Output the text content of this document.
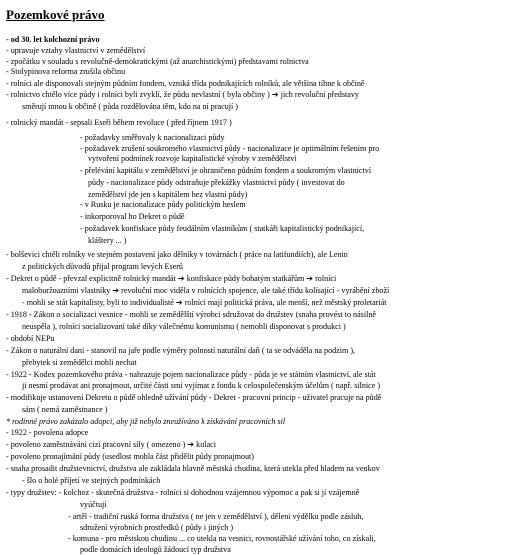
Pozemkové právo
- od 30. let kolchozní právo
- upravuje vztahy vlastnictví v zemědělství
- zpočátku v souladu s revolučně-demokratickými (až anarchistickými) představami rolnictva
- Stolypinova reforma zrušila občinu
- rolníci ale disponovali stejným půdním fondem, vzniká třída podnikajících rolníků, ale většina tíhne k občině
- rolnictvo chtělo více půdy i rolníci byli zvyklí, že půdu nevlastní ( byla občiny ) ➔ jich revoluční představy
směrují mnou k občině ( půda rozdělována těm, kdo na ní pracují )
- rolnický mandát - sepsali Eseři během revoluce ( před říjnem 1917 )
- požadavky směřovaly k nacionalizaci půdy
- požadavek zrušení soukromého vlastnictví půdy - nacionalizace je optimálním řešením pro
vytvoření podmínek rozvoje kapitalistické výroby v zemědělství
- přelévání kapitálu v zemědělství je ohraničeno půdním fondem a soukromým vlastnictví
půdy - nacionalizace půdy odstraňuje překážky vlastnictví půdy ( investovat do
zemědělství jde jen s kapitálem bez vlastní půdy)
- v Rusku je nacionalizace půdy politickým heslem
- inkorporoval ho Dekret o půdě
- požadavek konfiskace půdy feudálním vlastníkům ( statkáři kapitalistický podnikající,
kláštery ... )
- bolševici chtěli rolníky ve stejném postavení jako dělníky v továrnách ( práce na latifundiích), ale Lenin
z politických důvodů přijal program levých Eserů
- Dekret o půdě - převzal explicitně rolnický mandát ➔ konfiskace půdy bohatým statkářům ➔ rolníci
maloburžoazními vlastníky ➔ revoluční moc viděla v rolnících spojence, ale také třídu kolísající - vyrábění zboží
- mohli se stát kapitalisty, byli to individualisté ➔ rolníci mají politická práva, ale menší, než městský proletariát
- 1918 - Zákon o socializaci vesnice - mohli se zemědělští výrobci sdružovat do družstev (snaha provést to násilně
neuspěla ), rolníci socializovaní také díky válečnému komunismu ( nemohli disponovat s produkci )
- období NEPu
- Zákon o naturální dani - stanovil na jaře podle výměry polností naturální daň ( ta se odváděla na podzim ),
přebytek si zemědělci mohli nechat
- 1922 - Kodex pozemkového práva - nahrazuje pojem nacionalizace půdy - půda je ve státním vlastnictví, ale stát
ji nesmí prodávat ani pronajmout, určité části smí vyjímat z fondu k celospolečenským účelům ( např. silnice )
- modifikuje ustanovení Dekretu o půdě ohledně užívání půdy - Dekret - pracovní princip - uživatel pracuje na půdě
sám ( nemá zaměstnance )
* rodinné právo zakázalo adopci, aby již nebylo zneužíváno k získávání pracovních sil
- 1922 - povolena adopce
- povoleno zaměstnávání cizí pracovní síly ( omezeno ) ➔ kulaci
- povoleno pronajímání půdy (usedlost mohla část přidělit půdy pronajmout)
- snaha prosadit družstevnictví, družstva ale zakládala hlavně městská chudina, která utekla před hladem na venkov
- šlo o holé příjetí ve stejných podmínkách
- typy družstev: - kolchoz - skutečná družstva - rolníci si dohodnou vzájemnou výpomoc a pak si jí vzájemně
vyúčtují
- artěl - tradiční ruská forma družstva ( ne jen v zemědělství ), dělení výdělku podle zásluh,
sdružení výrobních prostředků ( půdy i jiných )
- komuna - pro městskou chudinu ... co utekla na vesnici, rovnostářské užívání toho, co získali,
podle domácích ideologů žádoucí typ družstva
